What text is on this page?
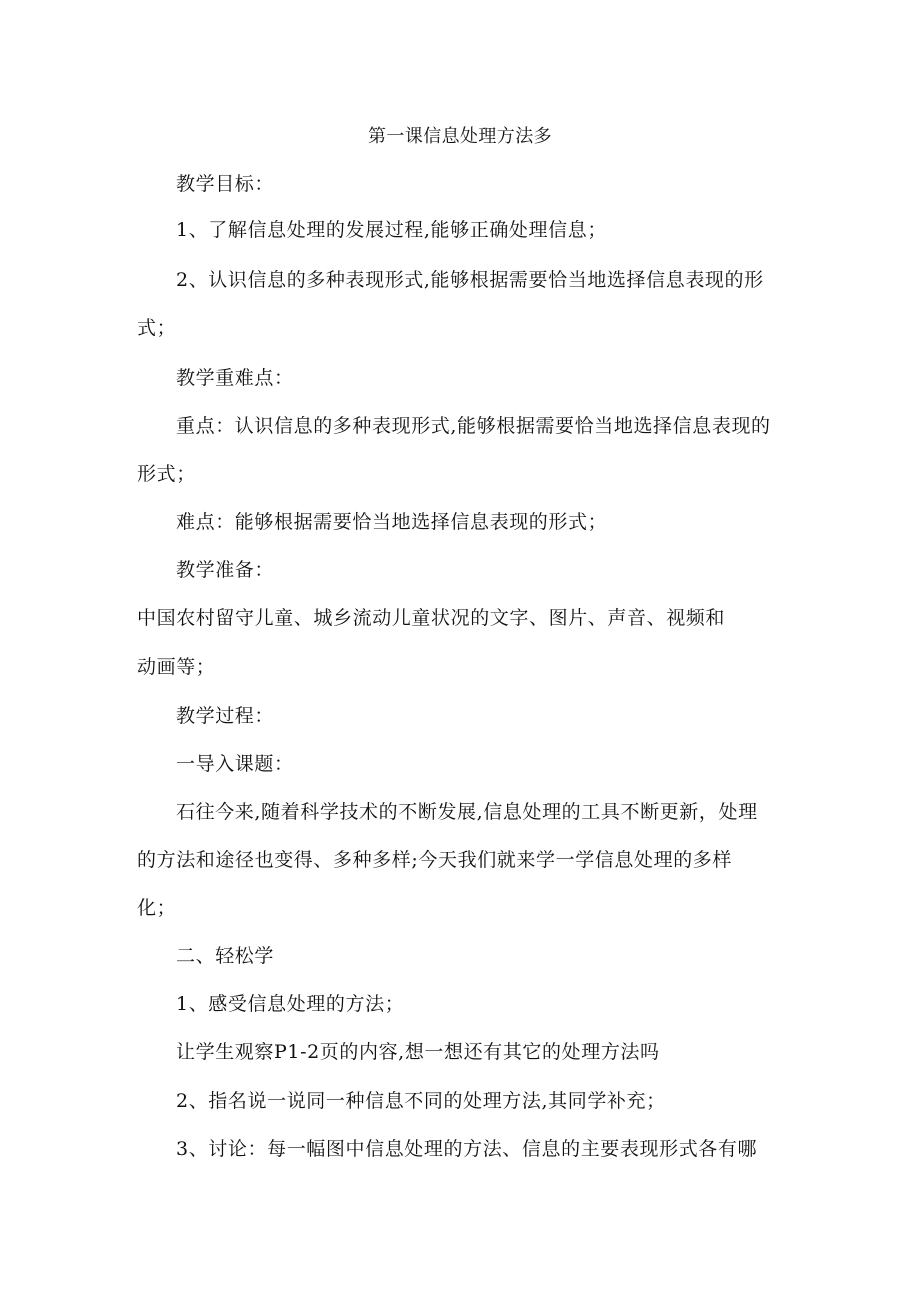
第一课信息处理方法多

教学目标：

1、了解信息处理的发展过程,能够正确处理信息；

2、认识信息的多种表现形式,能够根据需要恰当地选择信息表现的形

式；

教学重难点：

重点：认识信息的多种表现形式,能够根据需要恰当地选择信息表现的

形式；

难点：能够根据需要恰当地选择信息表现的形式；

教学准备：

中国农村留守儿童、城乡流动儿童状况的文字、图片、声音、视频和

动画等；

教学过程：

一导入课题：

石往今来,随着科学技术的不断发展,信息处理的工具不断更新，处理

的方法和途径也变得、多种多样;今天我们就来学一学信息处理的多样

化；

二、轻松学

1、感受信息处理的方法；

让学生观察P1-2页的内容,想一想还有其它的处理方法吗

2、指名说一说同一种信息不同的处理方法,其同学补充；

3、讨论：每一幅图中信息处理的方法、信息的主要表现形式各有哪
